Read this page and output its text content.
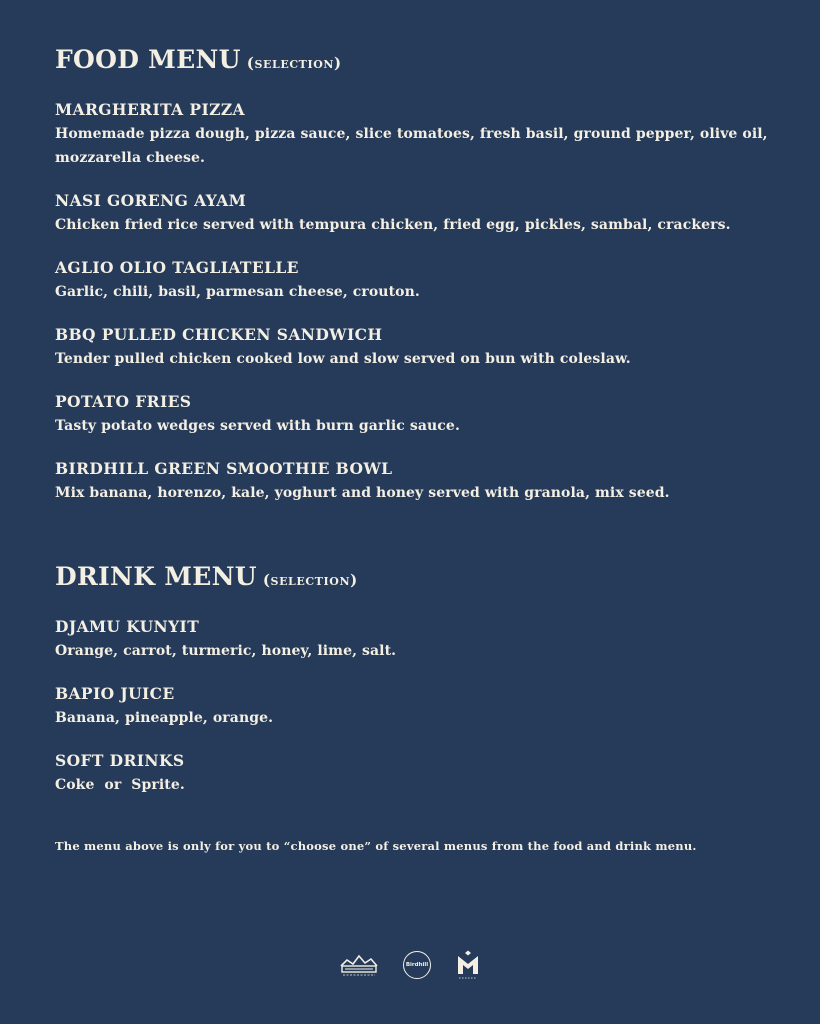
FOOD MENU (selection)

MARGHERITA PIZZA

Homemade pizza dough, pizza sauce, slice tomatoes, fresh basil, ground pepper, olive oil, mozzarella cheese.

NASI GORENG AYAM

Chicken fried rice served with tempura chicken, fried egg, pickles, sambal, crackers.

AGLIO OLIO TAGLIATELLE

Garlic, chili, basil, parmesan cheese, crouton.

BBQ PULLED CHICKEN SANDWICH

Tender pulled chicken cooked low and slow served on bun with coleslaw.

POTATO FRIES

Tasty potato wedges served with burn garlic sauce.

BIRDHILL GREEN SMOOTHIE BOWL

Mix banana, horenzo, kale, yoghurt and honey served with granola, mix seed.

DRINK MENU (selection)

DJAMU KUNYIT

Orange, carrot, turmeric, honey, lime, salt.

BAPIO JUICE

Banana, pineapple, orange.

SOFT DRINKS

Coke  or  Sprite.

The menu above is only for you to “choose one” of several menus from the food and drink menu.

Birdhill
